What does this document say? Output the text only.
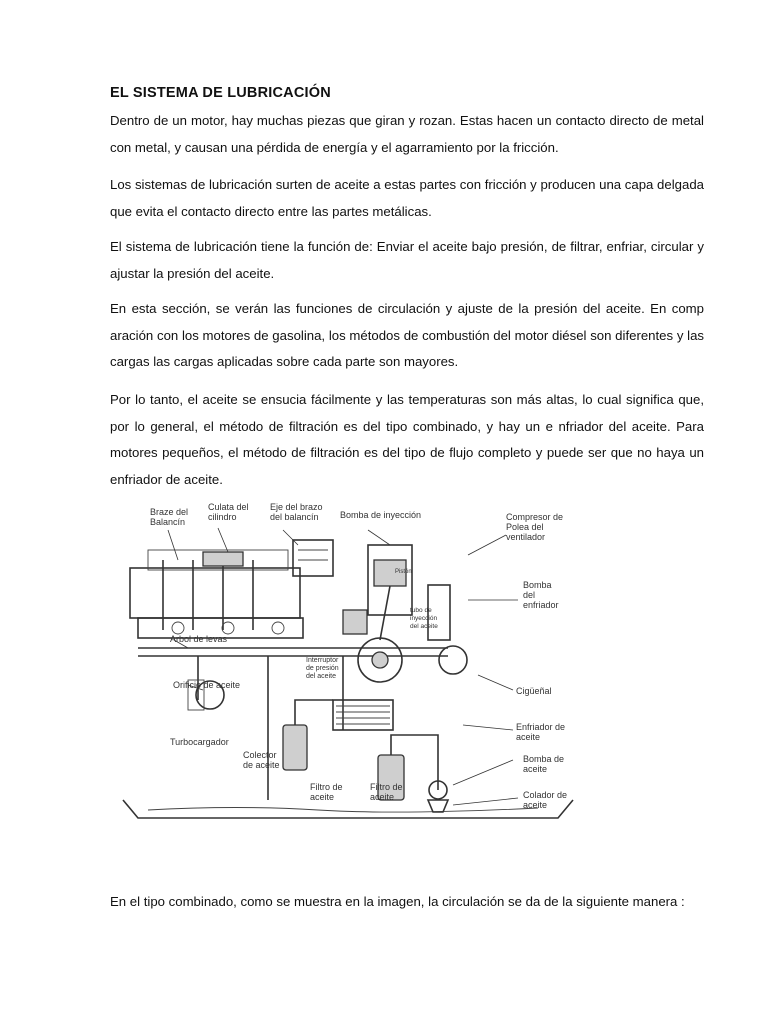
EL SISTEMA DE LUBRICACIÓN

Dentro de un motor, hay muchas piezas que giran y rozan. Estas hacen un contacto directo de metal con metal, y causan una pérdida de energía y el agarramiento por la fricción.

Los sistemas de lubricación surten de aceite a estas partes con fricción y producen una capa delgada que evita el contacto directo entre las partes metálicas.

El sistema de lubricación tiene la función de: Enviar el aceite bajo presión, de filtrar, enfriar, circular y ajustar la presión del aceite.

En esta sección, se verán las funciones de circulación y ajuste de la presión del aceite. En comp aración con los motores de gasolina, los métodos de combustión del motor diésel son diferentes y las cargas las cargas aplicadas sobre cada parte son mayores.

Por lo tanto, el aceite se ensucia fácilmente y las temperaturas son más altas, lo cual significa que, por lo general, el método de filtración es del tipo combinado, y hay un e nfriador del aceite. Para motores pequeños, el método de filtración es del tipo de flujo completo y puede ser que no haya un enfriador de aceite.

Braze del
Balancín
Culata del
cilindro
Eje del brazo
del balancín Bomba de inyección	Compresor de
Polea del
ventilador
Bomba
del
enfriador
Pistón
tubo de
inyección
del aceite
Arbol de levas
Interruptor
de presión
del aceite
Orificio de aceite
Cigüeñal
Turbocargador
Enfriador de
aceite
Colector
de aceite
Bomba de
aceite
Filtro de
aceite
Filtro de
aceite	Colador de
aceite

En el tipo combinado, como se muestra en la imagen, la circulación se da de la siguiente manera :
